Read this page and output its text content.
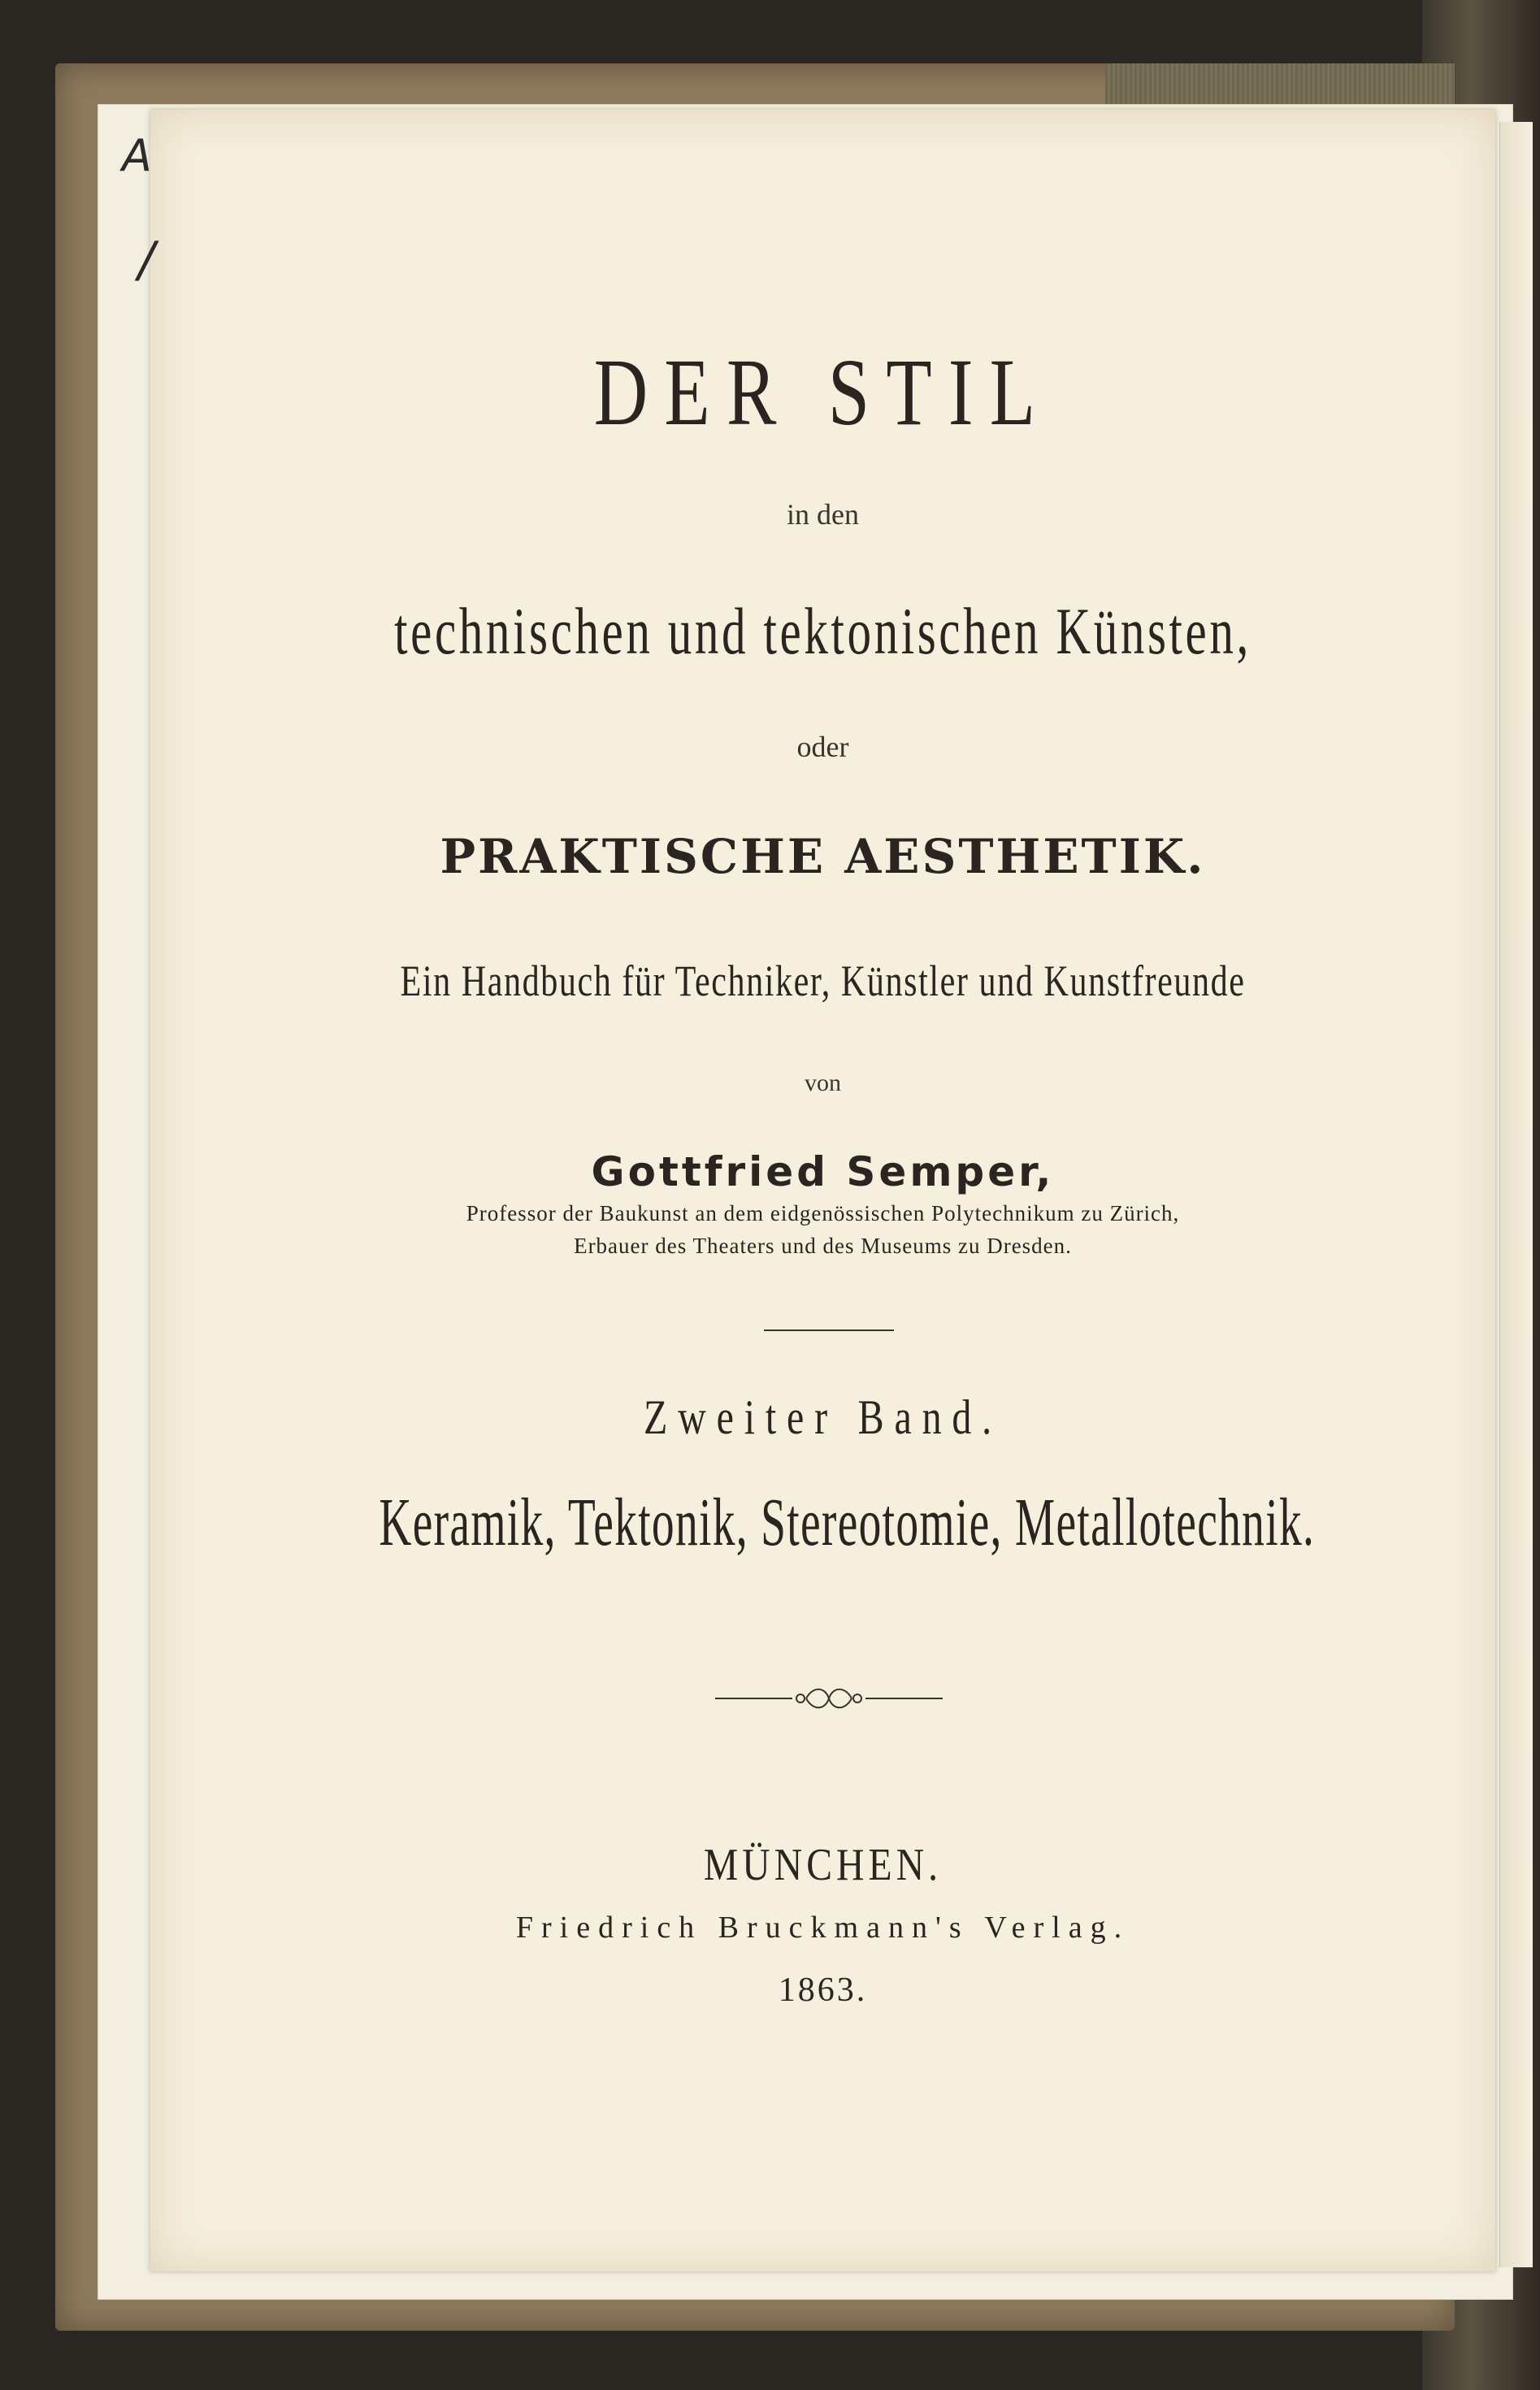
A
/
DER STIL
in den
technischen und tektonischen Künsten,
oder
PRAKTISCHE AESTHETIK.
Ein Handbuch für Techniker, Künstler und Kunstfreunde
von
Gottfried Semper,
Professor der Baukunst an dem eidgenössischen Polytechnikum zu Zürich,
Erbauer des Theaters und des Museums zu Dresden.
Zweiter Band.
Keramik, Tektonik, Stereotomie, Metallotechnik.
MÜNCHEN.
Friedrich Bruckmann's Verlag.
1863.
